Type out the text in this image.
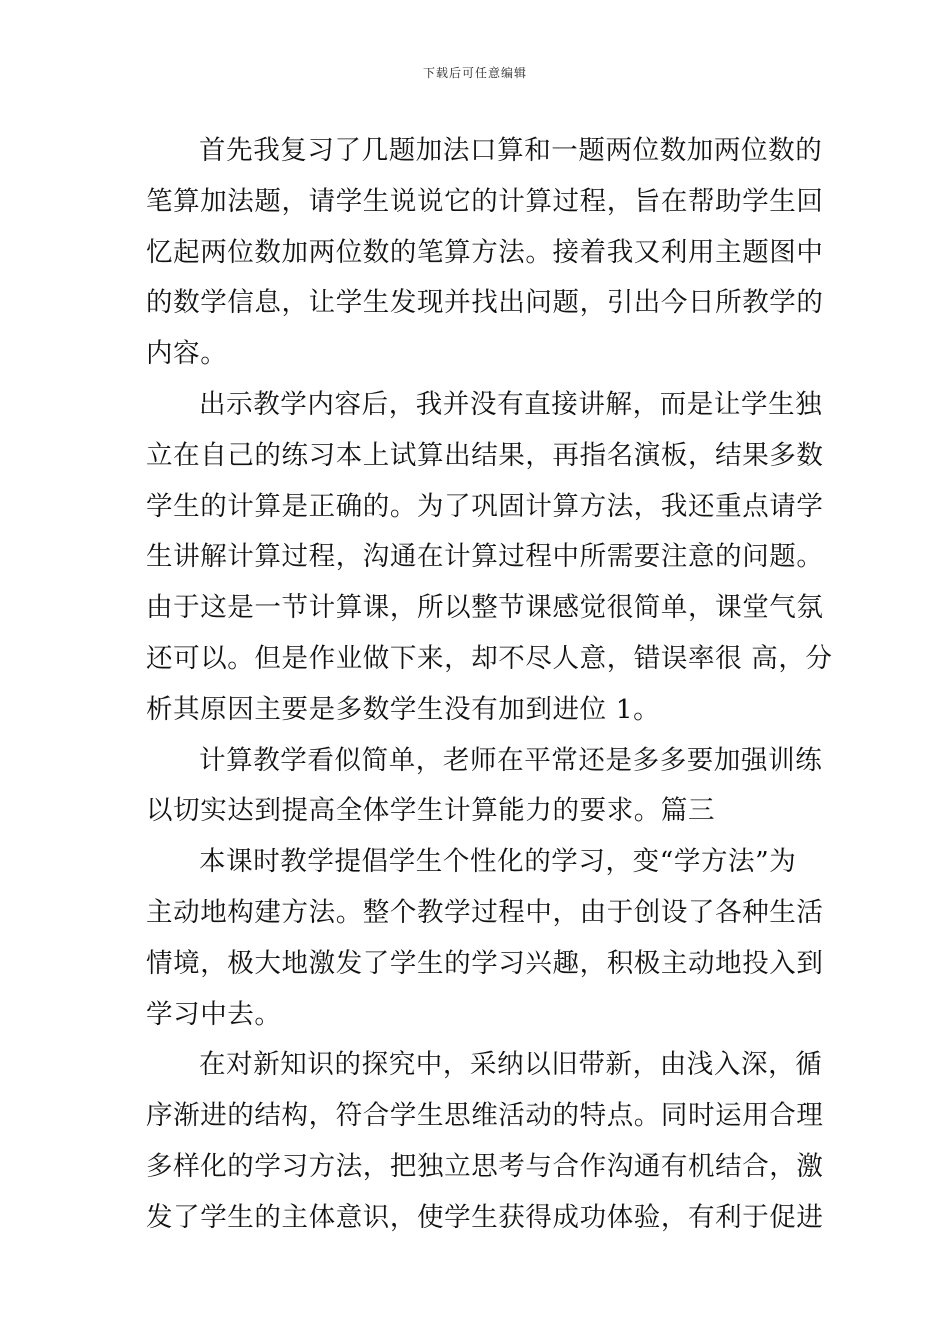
下载后可任意编辑
首先我复习了几题加法口算和一题两位数加两位数的
笔算加法题，请学生说说它的计算过程，旨在帮助学生回
忆起两位数加两位数的笔算方法。接着我又利用主题图中
的数学信息，让学生发现并找出问题，引出今日所教学的
内容。
出示教学内容后，我并没有直接讲解，而是让学生独
立在自己的练习本上试算出结果，再指名演板，结果多数
学生的计算是正确的。为了巩固计算方法，我还重点请学
生讲解计算过程，沟通在计算过程中所需要注意的问题。
由于这是一节计算课，所以整节课感觉很简单，课堂气氛
还可以。但是作业做下来，却不尽人意，错误率很 高，分
析其原因主要是多数学生没有加到进位 1。
计算教学看似简单，老师在平常还是多多要加强训练
以切实达到提高全体学生计算能力的要求。篇三
本课时教学提倡学生个性化的学习，变“学方法”为
主动地构建方法。整个教学过程中，由于创设了各种生活
情境，极大地激发了学生的学习兴趣，积极主动地投入到
学习中去。
在对新知识的探究中，采纳以旧带新，由浅入深，循
序渐进的结构，符合学生思维活动的特点。同时运用合理
多样化的学习方法，把独立思考与合作沟通有机结合，激
发了学生的主体意识，使学生获得成功体验，有利于促进
